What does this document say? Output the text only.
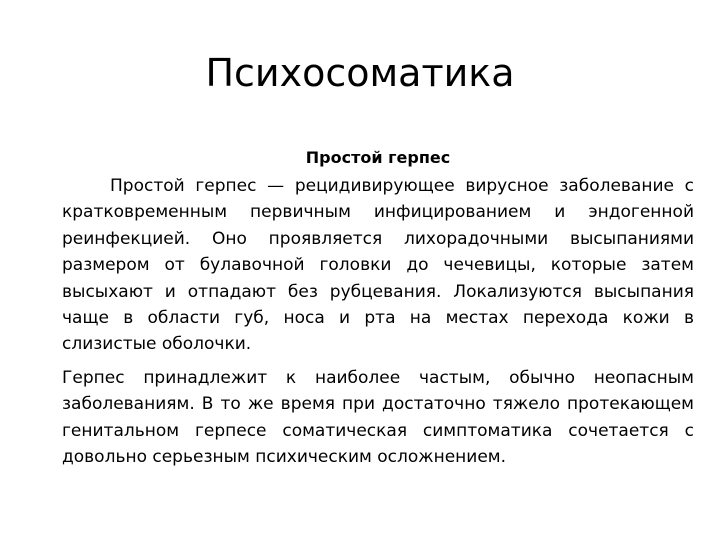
Психосоматика

Простой герпес

Простой герпес — рецидивирующее вирусное заболевание с кратковременным первичным инфицированием и эндогенной реинфекцией. Оно проявляется лихорадочными высыпаниями размером от булавочной головки до чечевицы, которые затем высыхают и отпадают без рубцевания. Локализуются высыпания чаще в области губ, носа и рта на местах перехода кожи в слизистые оболочки.

Герпес принадлежит к наиболее частым, обычно неопасным заболеваниям. В то же время при достаточно тяжело протекающем генитальном герпесе соматическая симптоматика сочетается с довольно серьезным психическим осложнением.
